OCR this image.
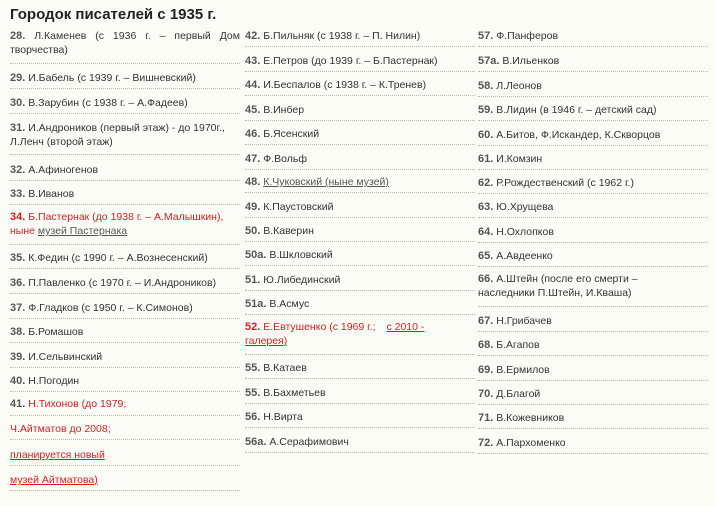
Городок писателей с 1935 г.
28. Л.Каменев (с 1936 г. – первый Дом
творчества)
29. И.Бабель (с 1939 г. – Вишневский)
30. В.Зарубин (с 1938 г. – А.Фадеев)
31. И.Андроников (первый этаж) - до 1970г.,
Л.Ленч (второй этаж)
32. А.Афиногенов
33. В.Иванов
34. Б.Пастернак (до 1938 г. – А.Малышкин),
ныне музей Пастернака
35. К.Федин (с 1990 г. – А.Вознесенский)
36. П.Павленко (с 1970 г. – И.Андроников)
37. Ф.Гладков (с 1950 г. – К.Симонов)
38. Б.Ромашов
39. И.Сельвинский
40. Н.Погодин
41. Н.Тихонов (до 1979;
Ч.Айтматов до 2008;
планируется новый
музей Айтматова)
42. Б.Пильняк (с 1938 г. – П. Нилин)
43. Е.Петров (до 1939 г. – Б.Пастернак)
44. И.Беспалов (с 1938 г. – К.Тренев)
45. В.Инбер
46. Б.Ясенский
47. Ф.Вольф
48. К.Чуковский (ныне музей)
49. К.Паустовский
50. В.Каверин
50а. В.Шкловский
51. Ю.Либединский
51а. В.Асмус
52. Е.Евтушенко (с 1969 г.; с 2010 -
галерея)
55. В.Катаев
55. В.Бахметьев
56. Н.Вирта
56а. А.Серафимович
57. Ф.Панферов
57а. В.Ильенков
58. Л.Леонов
59. В.Лидин (в 1946 г. – детский сад)
60. А.Битов, Ф.Искандер, К.Скворцов
61. И.Комзин
62. Р.Рождественский (с 1962 г.)
63. Ю.Хрущева
64. Н.Охлопков
65. А.Авдеенко
66. А.Штейн (после его смерти –
наследники П.Штейн, И.Кваша)
67. Н.Грибачев
68. Б.Агапов
69. В.Ермилов
70. Д.Благой
71. В.Кожевников
72. А.Пархоменко
